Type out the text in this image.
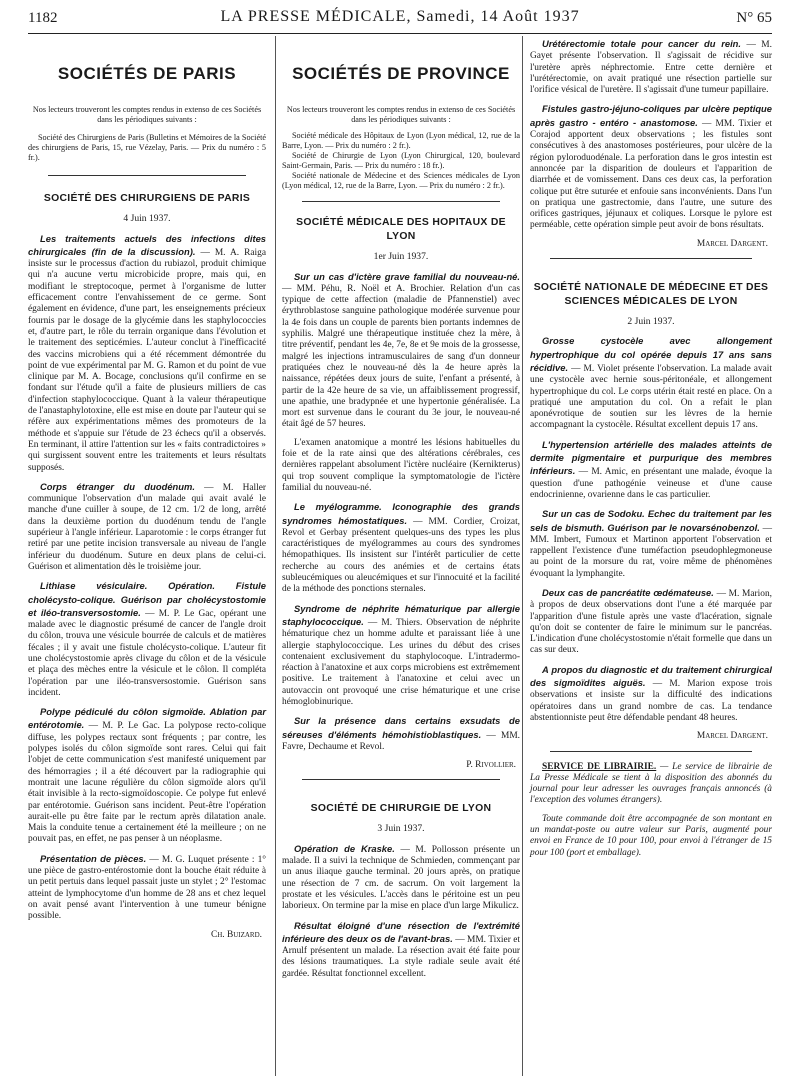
1182	LA PRESSE MÉDICALE, Samedi, 14 Août 1937	N° 65
SOCIÉTÉS DE PARIS
Nos lecteurs trouveront les comptes rendus in extenso de ces Sociétés dans les périodiques suivants :
Société des Chirurgiens de Paris (Bulletins et Mémoires de la Société des chirurgiens de Paris, 15, rue Vézelay, Paris. — Prix du numéro : 5 fr.).
SOCIÉTÉ DES CHIRURGIENS DE PARIS
4 Juin 1937.

Les traitements actuels des infections dites chirurgicales (fin de la discussion). — M. A. Raiga insiste sur le processus d'action du rubiazol, produit chimique qui n'a aucune vertu microbicide propre, mais qui, en modifiant le streptocoque, permet à l'organisme de lutter efficacement contre l'envahissement de ce germe. Sont également en évidence, d'une part, les enseignements précieux fournis par le dosage de la glycémie dans les staphylococcies et, d'autre part, le rôle du terrain organique dans l'évolution et le traitement des septicémies. L'auteur conclut à l'inefficacité des vaccins microbiens qui a été récemment démontrée du point de vue expérimental par M. G. Ramon et du point de vue clinique par M. A. Bocage, conclusions qu'il confirme en se fondant sur l'étude qu'il a faite de plusieurs milliers de cas d'infection staphylococcique. Quant à la valeur thérapeutique de l'anastaphylotoxine, elle est mise en doute par l'auteur qui se réfère aux expérimentations mêmes des promoteurs de la méthode et s'appuie sur l'étude de 23 échecs qu'il a observés. En terminant, il attire l'attention sur les « faits contradictoires » qui surgissent souvent entre les traitements et leurs résultats supposés.

Corps étranger du duodénum. — M. Haller communique l'observation d'un malade qui avait avalé le manche d'une cuiller à soupe, de 12 cm. 1/2 de long, arrêté dans la deuxième portion du duodénum tendu de l'angle supérieur à l'angle inférieur. Laparotomie : le corps étranger fut retiré par une petite incision transversale au niveau de l'angle inférieur du duodénum. Suture en deux plans de celui-ci. Guérison et alimentation dès le troisième jour.

Lithiase vésiculaire. Opération. Fistule cholécysto-colique. Guérison par cholécystostomie et iléo-transversostomie. — M. P. Le Gac, opérant une malade avec le diagnostic présumé de cancer de l'angle droit du côlon, trouva une vésicule bourrée de calculs et de matières fécales ; il y avait une fistule cholécysto-colique. L'auteur fit une cholécystostomie après clivage du côlon et de la vésicule et plaça des mèches entre la vésicule et le côlon. Il compléta l'opération par une iléo-transversostomie. Guérison sans incident.

Polype pédiculé du côlon sigmoïde. Ablation par entérotomie. — M. P. Le Gac. La polypose recto-colique diffuse, les polypes rectaux sont fréquents ; par contre, les polypes isolés du côlon sigmoïde sont rares. Celui qui fait l'objet de cette communication s'est manifesté uniquement par des hémorragies ; il a été découvert par la radiographie qui montrait une lacune régulière du côlon sigmoïde alors qu'il était invisible à la recto-sigmoïdoscopie. Ce polype fut enlevé par entérotomie. Guérison sans incident. Peut-être l'opération aurait-elle pu être faite par le rectum après dilatation anale. Mais la conduite tenue a certainement été la meilleure ; on ne pouvait pas, en effet, ne pas penser à un néoplasme.

Présentation de pièces. — M. G. Luquet présente : 1° une pièce de gastro-entérostomie dont la bouche était réduite à un petit pertuis dans lequel passait juste un stylet ; 2° l'estomac atteint de lymphocytome d'un homme de 28 ans et chez lequel on avait pensé avant l'intervention à une tumeur bénigne possible.

Ch. Buizard.
SOCIÉTÉS DE PROVINCE
Nos lecteurs trouveront les comptes rendus in extenso de ces Sociétés dans les périodiques suivants :
Société médicale des Hôpitaux de Lyon (Lyon médical, 12, rue de la Barre, Lyon. — Prix du numéro : 2 fr.).
Société de Chirurgie de Lyon (Lyon Chirurgical, 120, boulevard Saint-Germain, Paris. — Prix du numéro : 18 fr.).
Société nationale de Médecine et des Sciences médicales de Lyon (Lyon médical, 12, rue de la Barre, Lyon. — Prix du numéro : 2 fr.).
SOCIÉTÉ MÉDICALE DES HOPITAUX DE LYON
1er Juin 1937.

Sur un cas d'ictère grave familial du nouveau-né. — MM. Péhu, R. Noël et A. Brochier. Relation d'un cas typique de cette affection (maladie de Pfannenstiel) avec érythroblastose sanguine pathologique modérée survenue pour la 4e fois dans un couple de parents bien portants indemnes de syphilis. Malgré une thérapeutique instituée chez la mère, à titre préventif, pendant les 4e, 7e, 8e et 9e mois de la grossesse, malgré les injections intramusculaires de sang d'un donneur pratiquées chez le nouveau-né dès la 4e heure après la naissance, répétées deux jours de suite, l'enfant a présenté, à partir de la 42e heure de sa vie, un affaiblissement progressif, une apathie, une bradypnée et une hypertonie généralisée. La mort est survenue dans le courant du 3e jour, le nouveau-né était âgé de 57 heures.

L'examen anatomique a montré les lésions habituelles du foie et de la rate ainsi que des altérations cérébrales, ces dernières rappelant absolument l'ictère nucléaire (Kernikterus) qui trop souvent complique la symptomatologie de l'ictère familial du nouveau-né.

Le myélogramme. Iconographie des grands syndromes hémostatiques. — MM. Cordier, Croizat, Revol et Gerbay présentent quelques-uns des types les plus caractéristiques de myélogrammes au cours des syndromes hémopathiques. Ils insistent sur l'intérêt particulier de cette recherche au cours des anémies et de certains états subleucémiques ou aleucémiques et sur l'innocuité et la facilité de la méthode des ponctions sternales.

Syndrome de néphrite hématurique par allergie staphylococcique. — M. Thiers. Observation de néphrite hématurique chez un homme adulte et paraissant liée à une allergie staphylococcique. Les urines du début des crises contenaient exclusivement du staphylocoque. L'intradermo-réaction à l'anatoxine et aux corps microbiens est extrêmement positive. Le traitement à l'anatoxine et celui avec un autovaccin ont provoqué une crise hématurique et une crise hémoglobinurique.

Sur la présence dans certains exsudats de séreuses d'éléments hémohistioblastiques. — MM. Favre, Dechaume et Revol.

P. Rivollier.
SOCIÉTÉ DE CHIRURGIE DE LYON
3 Juin 1937.

Opération de Kraske. — M. Pollosson présente un malade. Il a suivi la technique de Schmieden, commençant par un anus iliaque gauche terminal. 20 jours après, on pratique une résection de 7 cm. de sacrum. On voit largement la prostate et les vésicules. L'accès dans le péritoine est un peu laborieux. On termine par la mise en place d'un large Mikulicz.

Résultat éloigné d'une résection de l'extrémité inférieure des deux os de l'avant-bras. — MM. Tixier et Arnulf présentent un malade. La résection avait été faite pour des lésions traumatiques. La style radiale seule avait été gardée. Résultat fonctionnel excellent.

Urétérectomie totale pour cancer du rein. — M. Gayet présente l'observation. Il s'agissait de récidive sur l'uretère après néphrectomie. Entre cette dernière et l'urétérectomie, on avait pratiqué une résection partielle sur l'orifice vésical de l'uretère. Il s'agissait d'une tumeur papillaire.

Fistules gastro-jéjuno-coliques par ulcère peptique après gastro - entéro - anastomose. — MM. Tixier et Corajod apportent deux observations ; les fistules sont consécutives à des anastomoses postérieures, pour ulcère de la région pyloroduodénale. La perforation dans le gros intestin est annoncée par la disparition de douleurs et l'apparition de diarrhée et de vomissement. Dans ces deux cas, la perforation colique put être suturée et enfouie sans inconvénients. Dans l'un on pratiqua une gastrectomie, dans l'autre, une suture des orifices gastriques, jéjunaux et coliques. Lorsque le pylore est perméable, cette opération simple peut avoir de bons résultats.

Marcel Dargent.
SOCIÉTÉ NATIONALE DE MÉDECINE ET DES SCIENCES MÉDICALES DE LYON
2 Juin 1937.

Grosse cystocèle avec allongement hypertrophique du col opérée depuis 17 ans sans récidive. — M. Violet présente l'observation. La malade avait une cystocèle avec hernie sous-péritonéale, et allongement hypertrophique du col. Le corps utérin était resté en place. On a pratiqué une amputation du col. On a refait le plan aponévrotique de soutien sur les lèvres de la hernie accompagnant la cystocèle. Résultat excellent depuis 17 ans.

L'hypertension artérielle des malades atteints de dermite pigmentaire et purpurique des membres inférieurs. — M. Amic, en présentant une malade, évoque la question d'une pathogénie veineuse et d'une cause endocrinienne, ovarienne dans le cas particulier.

Sur un cas de Sodoku. Echec du traitement par les sels de bismuth. Guérison par le novarsénobenzol. — MM. Imbert, Fumoux et Martinon apportent l'observation et rappellent l'existence d'une tuméfaction pseudophlegmoneuse au point de la morsure du rat, voire même de phénomènes évoquant la lymphangite.

Deux cas de pancréatite œdémateuse. — M. Marion, à propos de deux observations dont l'une a été marquée par l'apparition d'une fistule après une vaste d'lacération, signale qu'on doit se contenter de faire le minimum sur le pancréas. L'indication d'une cholécystostomie n'était formelle que dans un cas sur deux.

A propos du diagnostic et du traitement chirurgical des sigmoïdites aiguës. — M. Marion expose trois observations et insiste sur la difficulté des indications opératoires dans un grand nombre de cas. La tendance abstentionniste peut être défendable pendant 48 heures.

Marcel Dargent.

SERVICE DE LIBRAIRIE. — Le service de librairie de La Presse Médicale se tient à la disposition des abonnés du journal pour leur adresser les ouvrages français annoncés (à l'exception des volumes étrangers).

Toute commande doit être accompagnée de son montant en un mandat-poste ou autre valeur sur Paris, augmenté pour envoi en France de 10 pour 100, pour envoi à l'étranger de 15 pour 100 (port et emballage).
